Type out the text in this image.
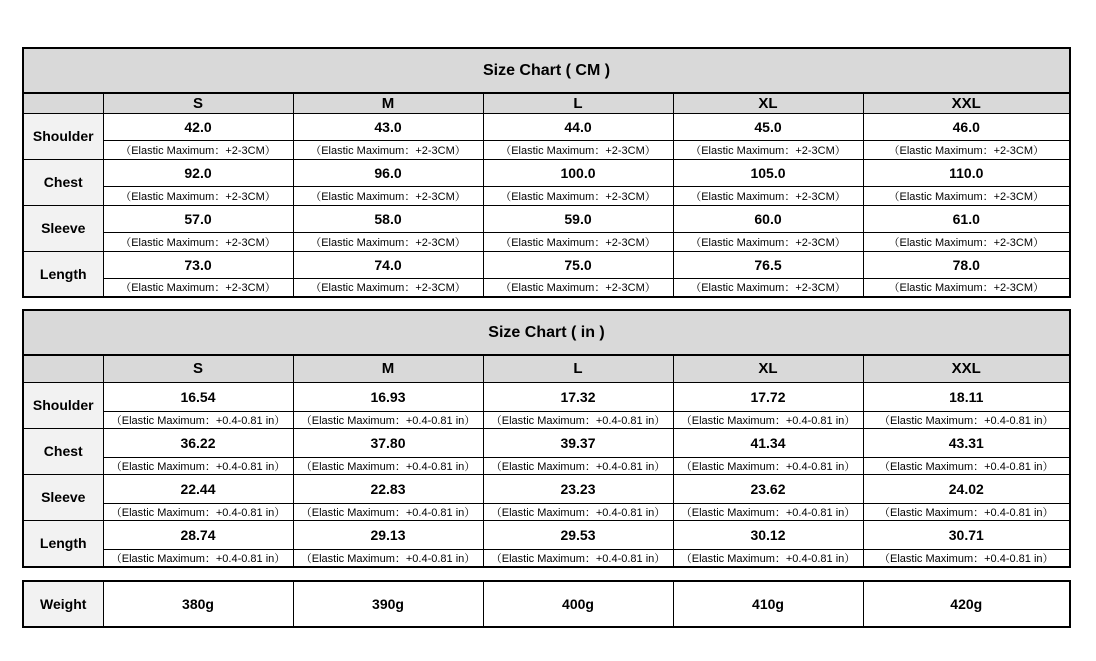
Size Chart ( CM )					
	S	M	L	XL	XXL
Shoulder	42.0	43.0	44.0	45.0	46.0
	（Elastic Maximum：+2-3CM）	（Elastic Maximum：+2-3CM）	（Elastic Maximum：+2-3CM）	（Elastic Maximum：+2-3CM）	（Elastic Maximum：+2-3CM）
Chest	92.0	96.0	100.0	105.0	110.0
	（Elastic Maximum：+2-3CM）	（Elastic Maximum：+2-3CM）	（Elastic Maximum：+2-3CM）	（Elastic Maximum：+2-3CM）	（Elastic Maximum：+2-3CM）
Sleeve	57.0	58.0	59.0	60.0	61.0
	（Elastic Maximum：+2-3CM）	（Elastic Maximum：+2-3CM）	（Elastic Maximum：+2-3CM）	（Elastic Maximum：+2-3CM）	（Elastic Maximum：+2-3CM）
Length	73.0	74.0	75.0	76.5	78.0
	（Elastic Maximum：+2-3CM）	（Elastic Maximum：+2-3CM）	（Elastic Maximum：+2-3CM）	（Elastic Maximum：+2-3CM）	（Elastic Maximum：+2-3CM）
Size Chart ( in )					
	S	M	L	XL	XXL
Shoulder	16.54	16.93	17.32	17.72	18.11
	（Elastic Maximum：+0.4-0.81 in）	（Elastic Maximum：+0.4-0.81 in）	（Elastic Maximum：+0.4-0.81 in）	（Elastic Maximum：+0.4-0.81 in）	（Elastic Maximum：+0.4-0.81 in）
Chest	36.22	37.80	39.37	41.34	43.31
	（Elastic Maximum：+0.4-0.81 in）	（Elastic Maximum：+0.4-0.81 in）	（Elastic Maximum：+0.4-0.81 in）	（Elastic Maximum：+0.4-0.81 in）	（Elastic Maximum：+0.4-0.81 in）
Sleeve	22.44	22.83	23.23	23.62	24.02
	（Elastic Maximum：+0.4-0.81 in）	（Elastic Maximum：+0.4-0.81 in）	（Elastic Maximum：+0.4-0.81 in）	（Elastic Maximum：+0.4-0.81 in）	（Elastic Maximum：+0.4-0.81 in）
Length	28.74	29.13	29.53	30.12	30.71
	（Elastic Maximum：+0.4-0.81 in）	（Elastic Maximum：+0.4-0.81 in）	（Elastic Maximum：+0.4-0.81 in）	（Elastic Maximum：+0.4-0.81 in）	（Elastic Maximum：+0.4-0.81 in）
Weight	380g	390g	400g	410g	420g
